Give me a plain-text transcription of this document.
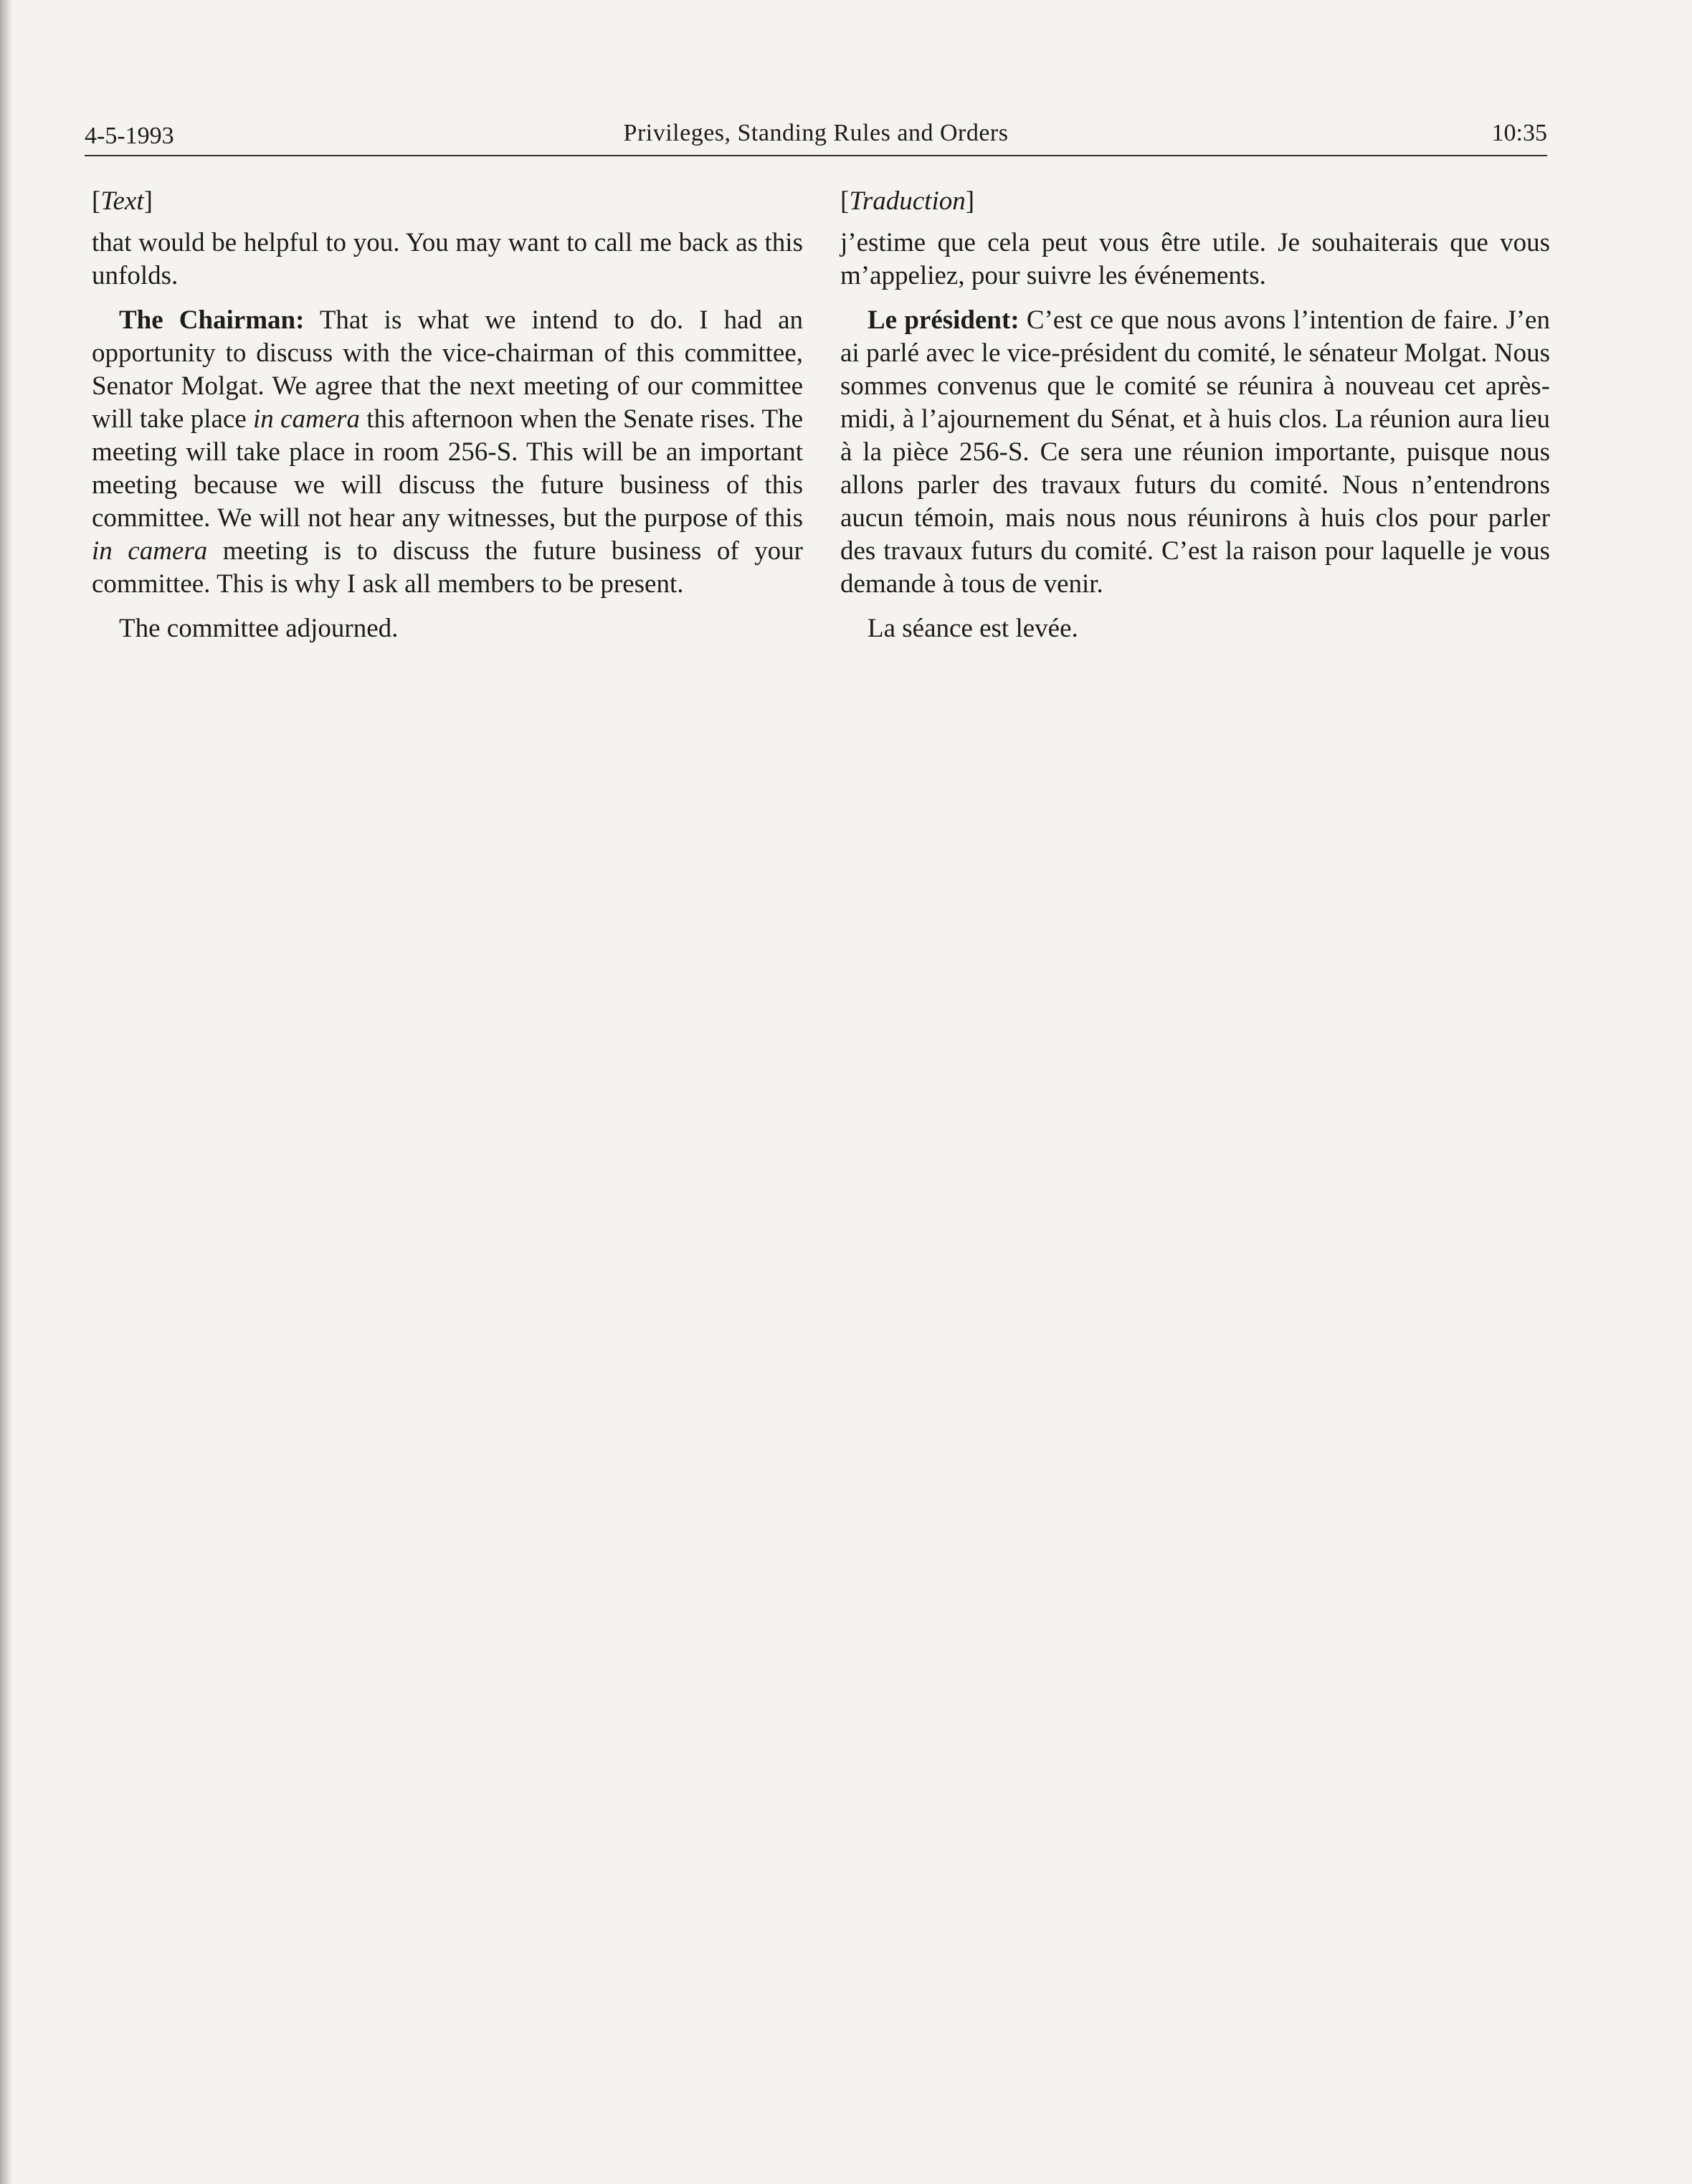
4-5-1993	Privileges, Standing Rules and Orders	10:35
[Text]

that would be helpful to you. You may want to call me back as this unfolds.

The Chairman: That is what we intend to do. I had an opportunity to discuss with the vice-chairman of this committee, Senator Molgat. We agree that the next meeting of our committee will take place in camera this afternoon when the Senate rises. The meeting will take place in room 256-S. This will be an important meeting because we will discuss the future business of this committee. We will not hear any witnesses, but the purpose of this in camera meeting is to discuss the future business of your committee. This is why I ask all members to be present.

The committee adjourned.

[Traduction]

j’estime que cela peut vous être utile. Je souhaiterais que vous m’appeliez, pour suivre les événements.

Le président: C’est ce que nous avons l’intention de faire. J’en ai parlé avec le vice-président du comité, le sénateur Molgat. Nous sommes convenus que le comité se réunira à nouveau cet après-midi, à l’ajournement du Sénat, et à huis clos. La réunion aura lieu à la pièce 256-S. Ce sera une réunion importante, puisque nous allons parler des travaux futurs du comité. Nous n’entendrons aucun témoin, mais nous nous réunirons à huis clos pour parler des travaux futurs du comité. C’est la raison pour laquelle je vous demande à tous de venir.

La séance est levée.
